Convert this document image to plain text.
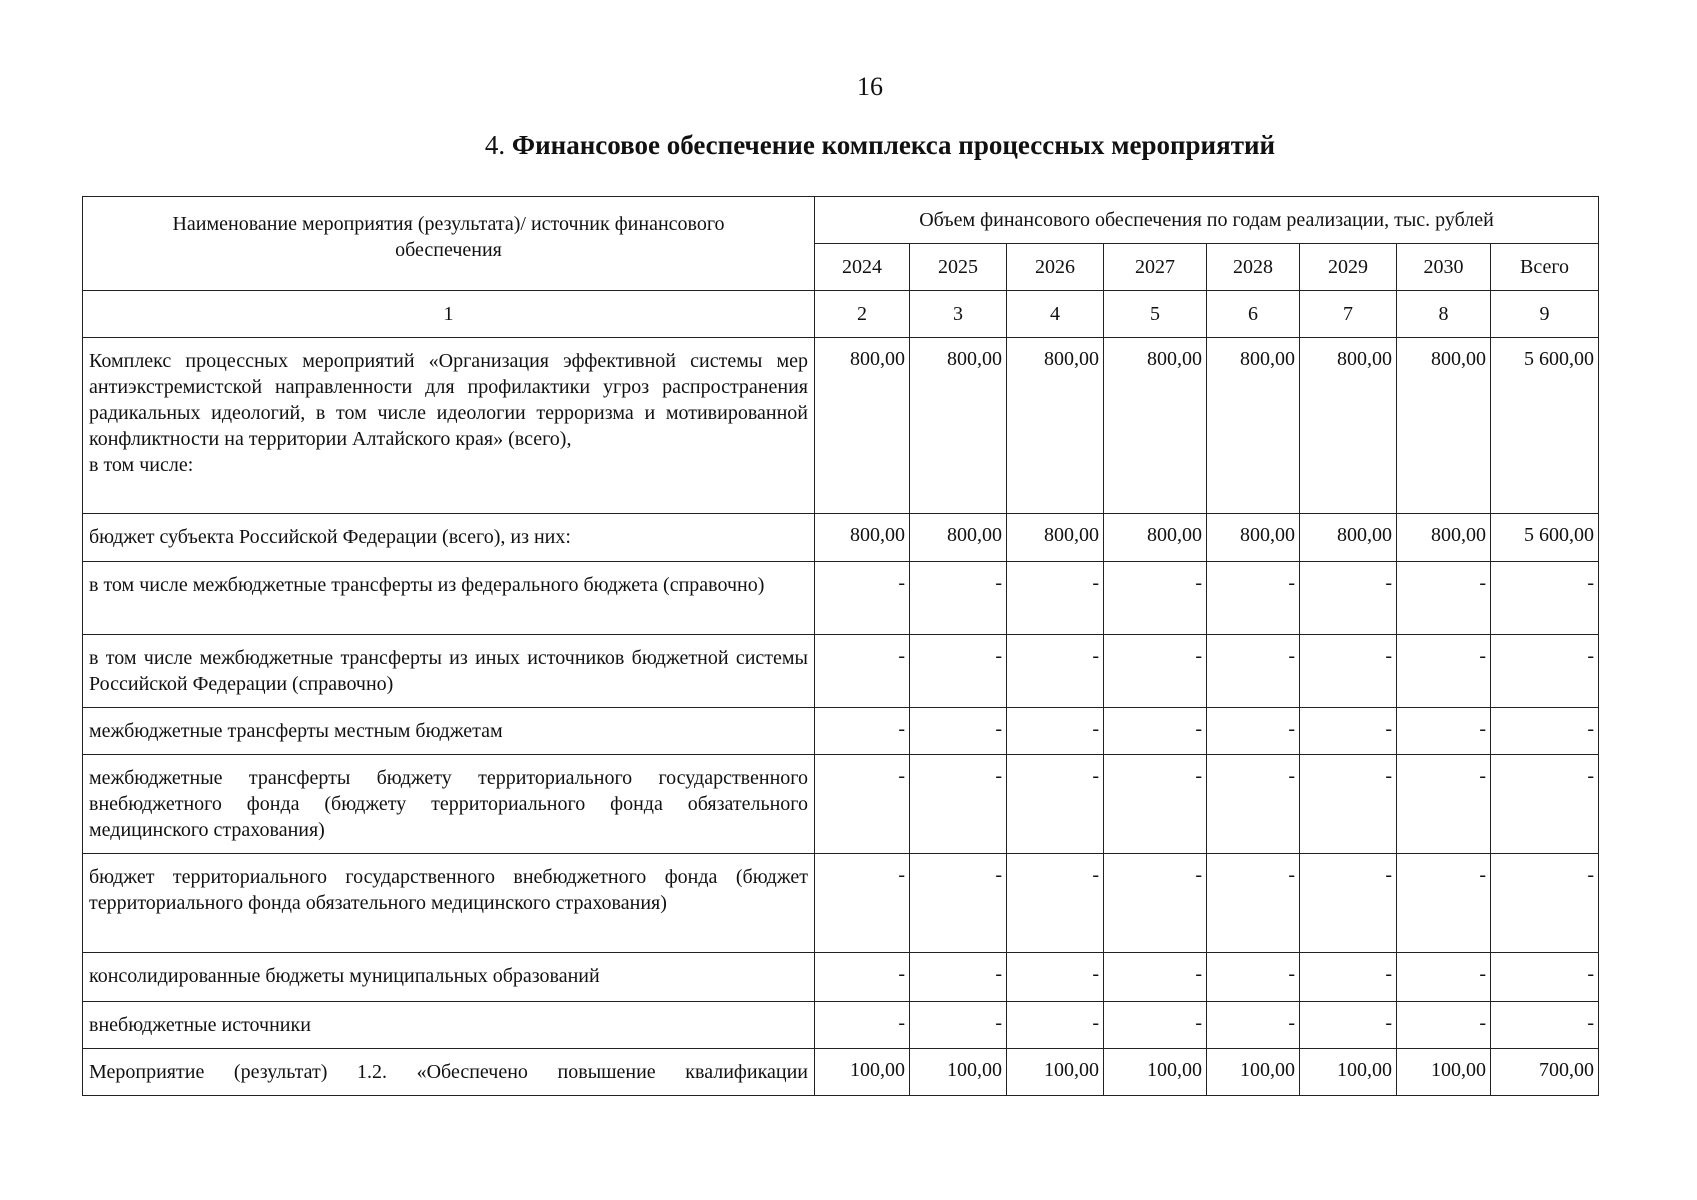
16
4. Финансовое обеспечение комплекса процессных мероприятий
Наименование мероприятия (результата)/ источник финансового обеспечения	Объем финансового обеспечения по годам реализации, тыс. рублей							
	2024	2025	2026	2027	2028	2029	2030	Всего
1	2	3	4	5	6	7	8	9

Комплекс процессных мероприятий «Организация эффективной системы мер антиэкстремистской направленности для профилактики угроз распространения радикальных идеологий, в том числе идеологии терроризма и мотивированной конфликтности на территории Алтайского края» (всего),
в том числе:	800,00	800,00	800,00	800,00	800,00	800,00	800,00	5 600,00
бюджет субъекта Российской Федерации (всего), из них:	800,00	800,00	800,00	800,00	800,00	800,00	800,00	5 600,00
в том числе межбюджетные трансферты из федерального бюджета (справочно)	-	-	-	-	-	-	-	-
в том числе межбюджетные трансферты из иных источников бюджетной системы Российской Федерации (справочно)	-	-	-	-	-	-	-	-
межбюджетные трансферты местным бюджетам	-	-	-	-	-	-	-	-
межбюджетные трансферты бюджету территориального государственного внебюджетного фонда (бюджету территориального фонда обязательного медицинского страхования)	-	-	-	-	-	-	-	-
бюджет территориального государственного внебюджетного фонда (бюджет территориального фонда обязательного медицинского страхования)	-	-	-	-	-	-	-	-
консолидированные бюджеты муниципальных образований	-	-	-	-	-	-	-	-
внебюджетные источники	-	-	-	-	-	-	-	-
Мероприятие (результат) 1.2. «Обеспечено повышение квалификации	100,00	100,00	100,00	100,00	100,00	100,00	100,00	700,00
